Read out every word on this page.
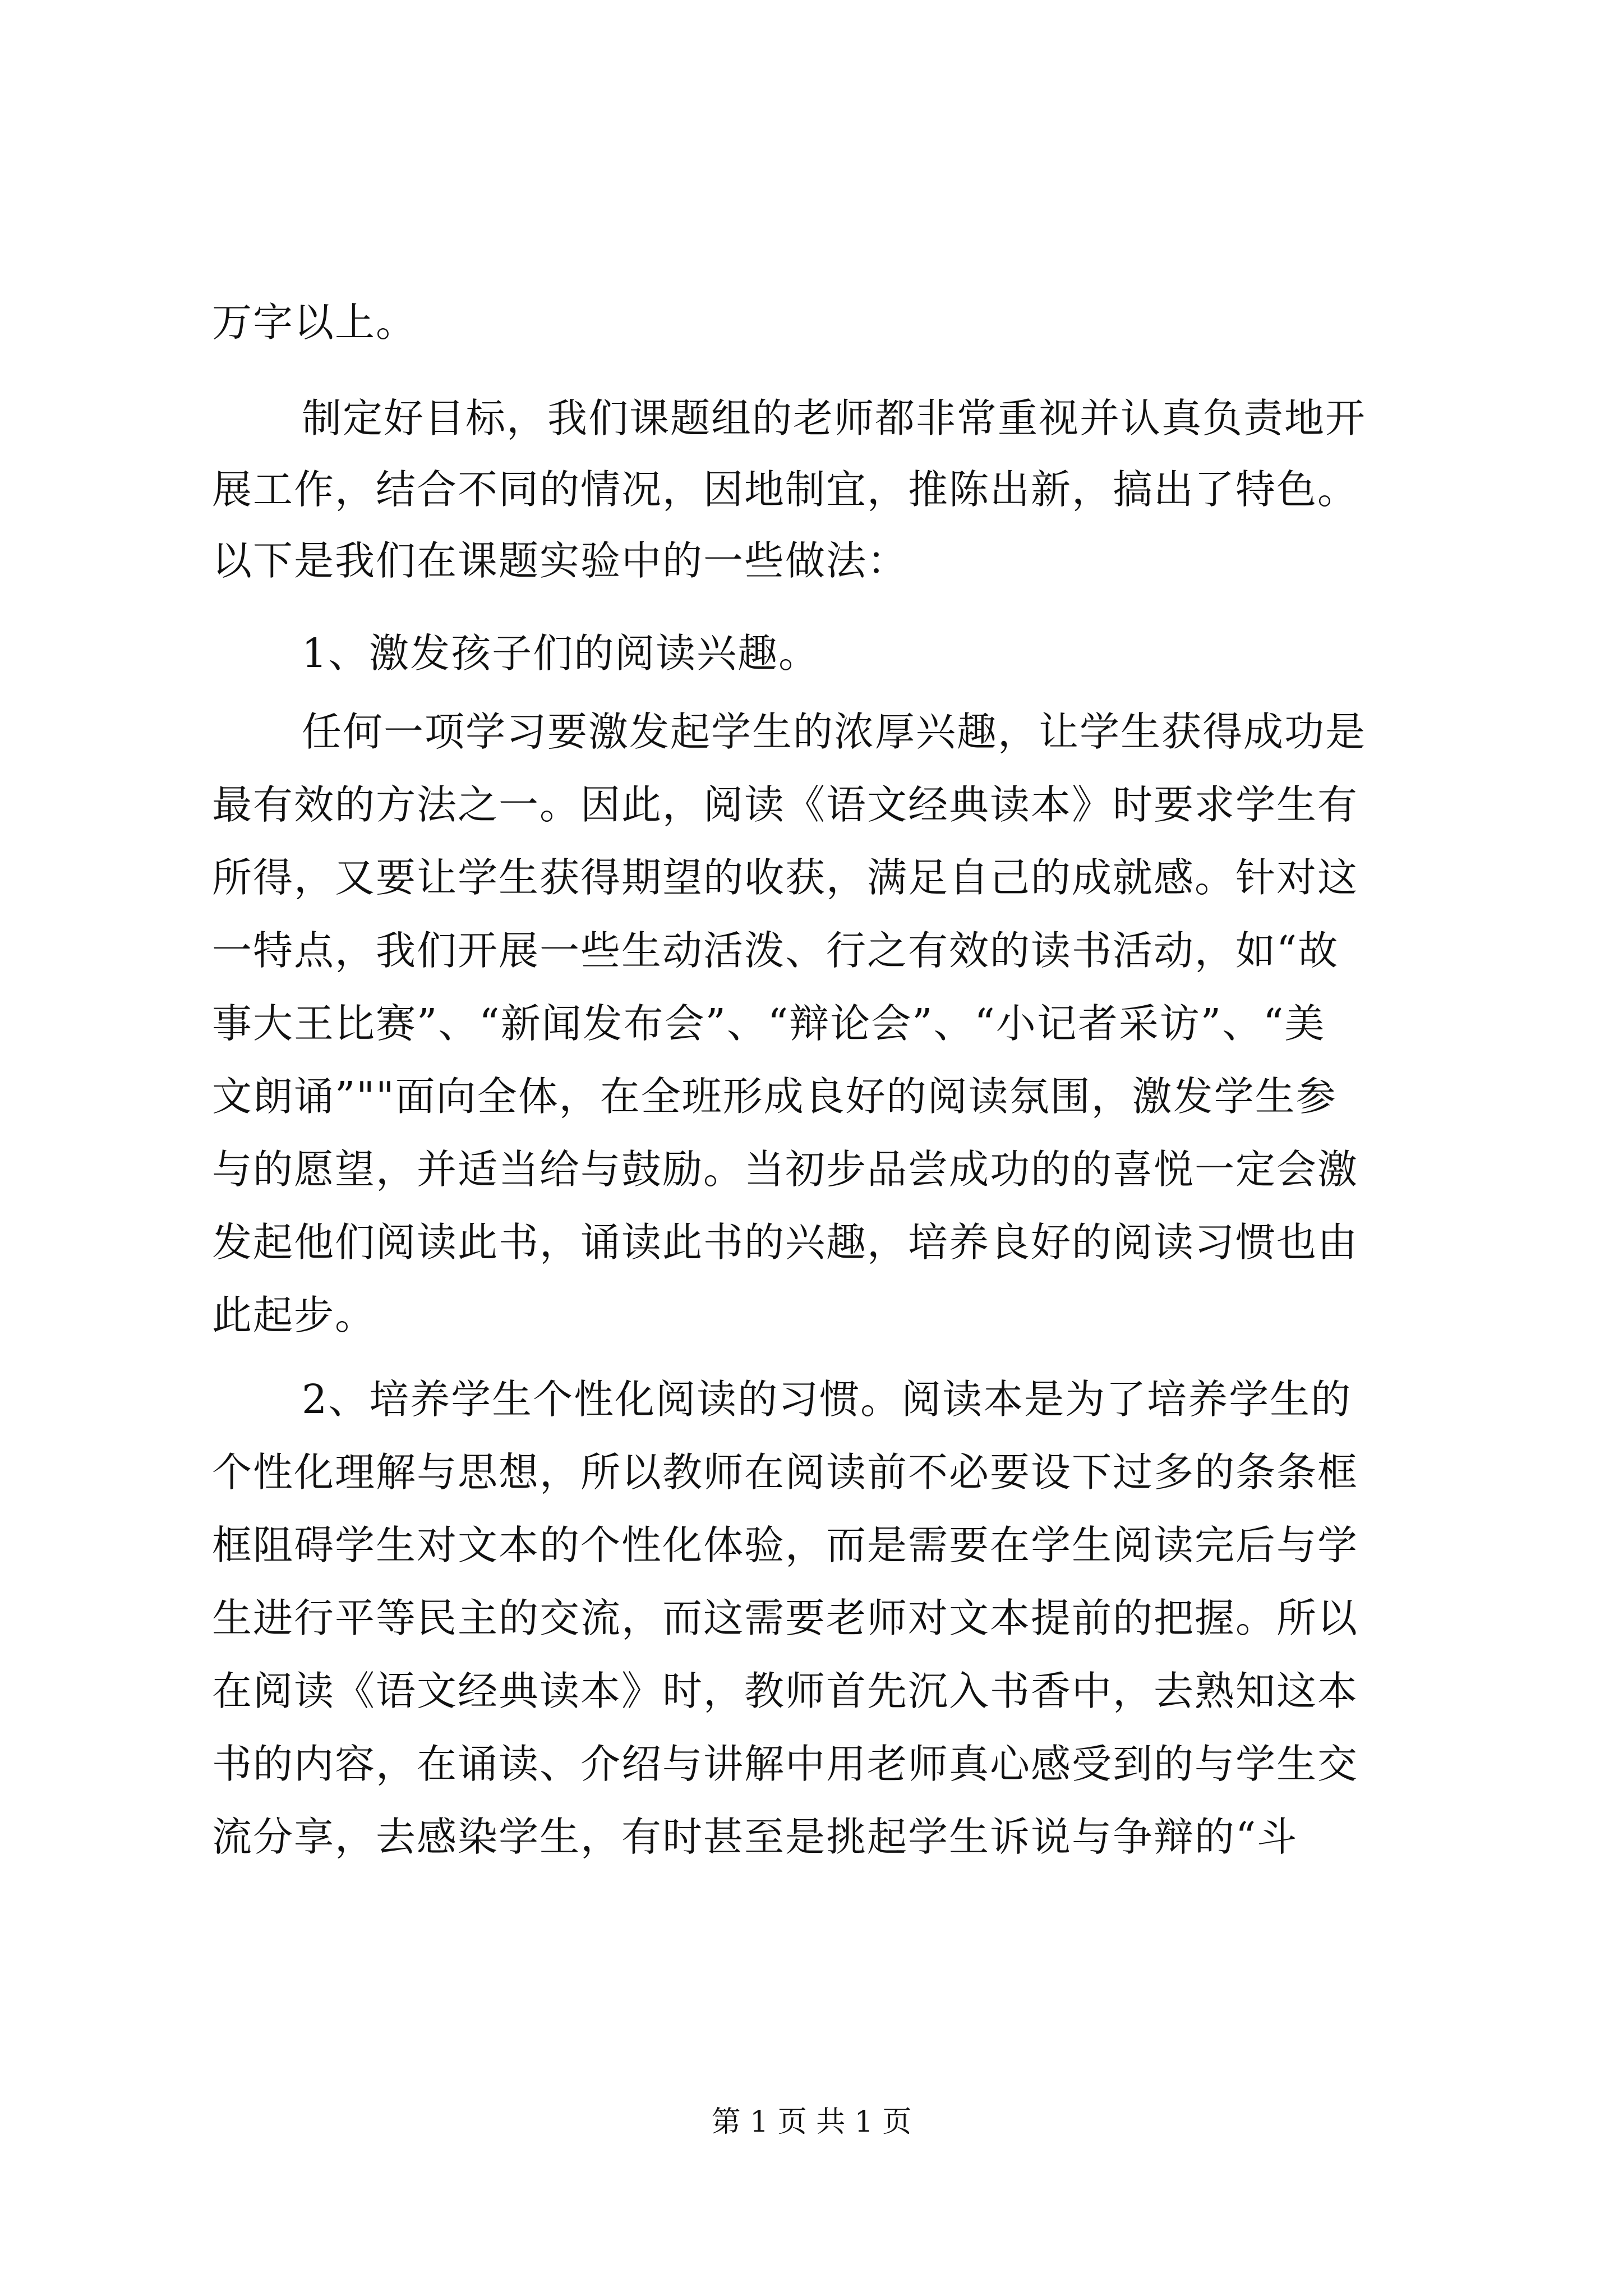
万字以上。
制定好目标，我们课题组的老师都非常重视并认真负责地开
展工作，结合不同的情况，因地制宜，推陈出新，搞出了特色。
以下是我们在课题实验中的一些做法：
1、激发孩子们的阅读兴趣。
任何一项学习要激发起学生的浓厚兴趣，让学生获得成功是
最有效的方法之一。因此，阅读《语文经典读本》时要求学生有
所得，又要让学生获得期望的收获，满足自己的成就感。针对这
一特点，我们开展一些生动活泼、行之有效的读书活动，如“故
事大王比赛”、“新闻发布会”、“辩论会”、“小记者采访”、“美
文朗诵”""面向全体，在全班形成良好的阅读氛围，激发学生参
与的愿望，并适当给与鼓励。当初步品尝成功的的喜悦一定会激
发起他们阅读此书，诵读此书的兴趣，培养良好的阅读习惯也由
此起步。
2、培养学生个性化阅读的习惯。阅读本是为了培养学生的
个性化理解与思想，所以教师在阅读前不必要设下过多的条条框
框阻碍学生对文本的个性化体验，而是需要在学生阅读完后与学
生进行平等民主的交流，而这需要老师对文本提前的把握。所以
在阅读《语文经典读本》时，教师首先沉入书香中，去熟知这本
书的内容，在诵读、介绍与讲解中用老师真心感受到的与学生交
流分享，去感染学生，有时甚至是挑起学生诉说与争辩的“斗
第 1 页 共 1 页
